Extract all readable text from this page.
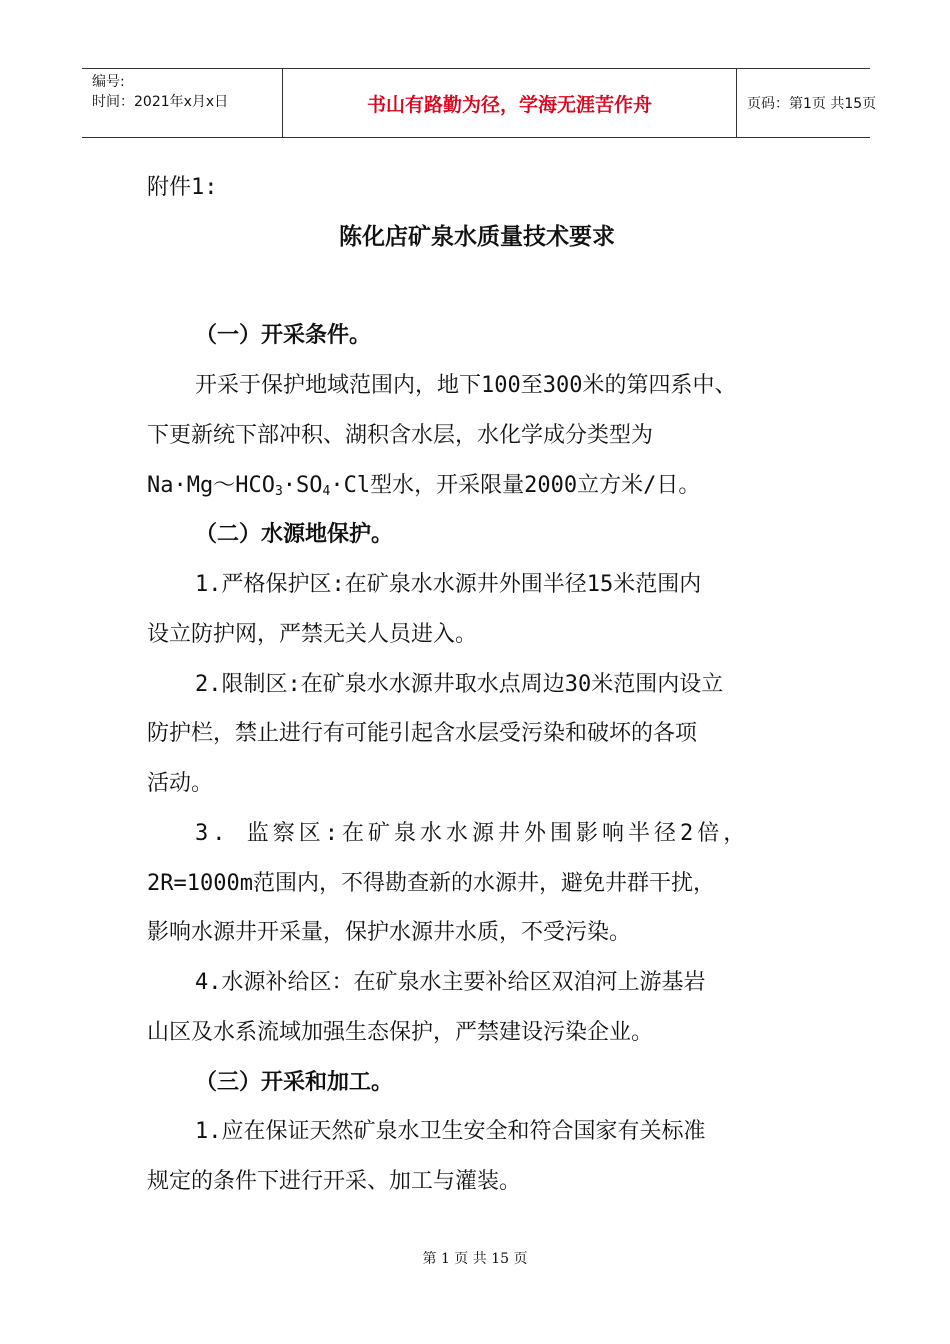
编号:
时间：2021年x月x日	书山有路勤为径，学海无涯苦作舟	页码：第1页 共15页
附件1:
陈化店矿泉水质量技术要求
（一）开采条件。
开采于保护地域范围内，地下100至300米的第四系中、
下更新统下部冲积、湖积含水层，水化学成分类型为
$Na\cdot Mg\sim HCO_3\cdot SO_4\cdot Cl$型水，开采限量2000立方米/日。
（二）水源地保护。
1.严格保护区:在矿泉水水源井外围半径15米范围内
设立防护网，严禁无关人员进入。
2.限制区:在矿泉水水源井取水点周边30米范围内设立
防护栏，禁止进行有可能引起含水层受污染和破坏的各项
活动。
3. 监察区:在矿泉水水源井外围影响半径2倍，
2R=1000m范围内，不得勘查新的水源井，避免井群干扰，
影响水源井开采量，保护水源井水质，不受污染。
4.水源补给区：在矿泉水主要补给区双洎河上游基岩
山区及水系流域加强生态保护，严禁建设污染企业。
（三）开采和加工。
1.应在保证天然矿泉水卫生安全和符合国家有关标准
规定的条件下进行开采、加工与灌装。
第 1 页 共 15 页
